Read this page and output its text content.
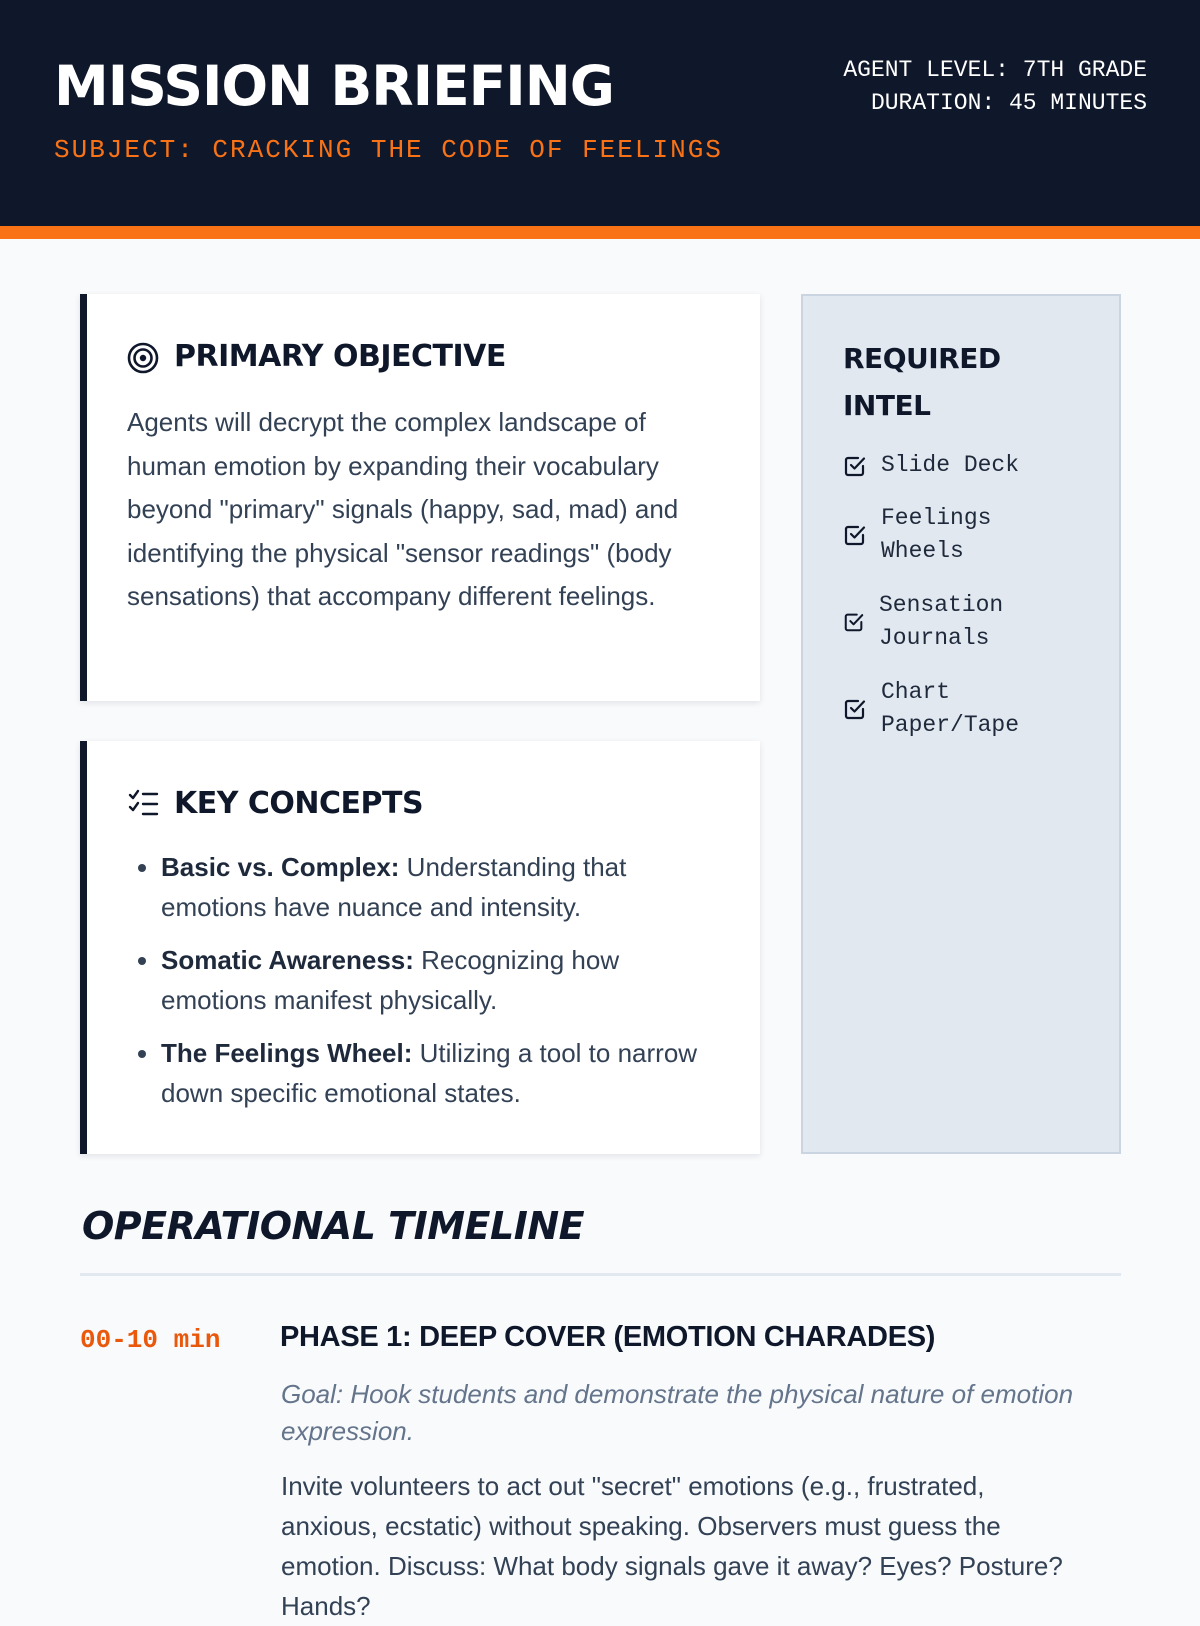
MISSION BRIEFING
SUBJECT: CRACKING THE CODE OF FEELINGS
AGENT LEVEL: 7TH GRADE
DURATION: 45 MINUTES
PRIMARY OBJECTIVE

Agents will decrypt the complex landscape of human emotion by expanding their vocabulary beyond "primary" signals (happy, sad, mad) and identifying the physical "sensor readings" (body sensations) that accompany different feelings.

KEY CONCEPTS
• Basic vs. Complex: Understanding that emotions have nuance and intensity.
• Somatic Awareness: Recognizing how emotions manifest physically.
• The Feelings Wheel: Utilizing a tool to narrow down specific emotional states.
REQUIRED INTEL
Slide Deck
Feelings Wheels
Sensation Journals
Chart Paper/Tape
OPERATIONAL TIMELINE
00-10 min PHASE 1: DEEP COVER (EMOTION CHARADES)

Goal: Hook students and demonstrate the physical nature of emotion expression.

Invite volunteers to act out "secret" emotions (e.g., frustrated, anxious, ecstatic) without speaking. Observers must guess the emotion. Discuss: What body signals gave it away? Eyes? Posture? Hands?
